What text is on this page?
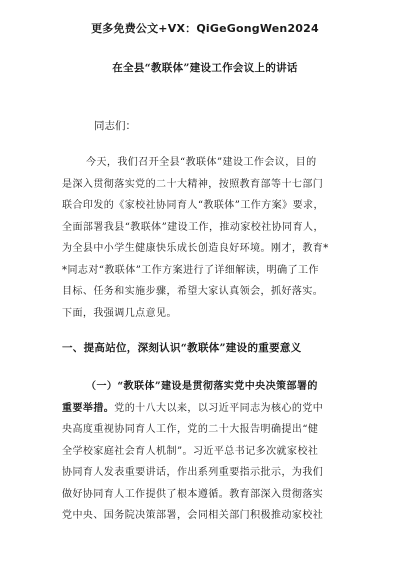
更多免费公文+VX：QiGeGongWen2024
在全县“教联体”建设工作会议上的讲话
同志们：
今天，我们召开全县“教联体”建设工作会议，目的
是深入贯彻落实党的二十大精神，按照教育部等十七部门
联合印发的《家校社协同育人“教联体”工作方案》要求，
全面部署我县“教联体”建设工作，推动家校社协同育人，
为全县中小学生健康快乐成长创造良好环境。刚才，教育*
*同志对“教联体”工作方案进行了详细解读，明确了工作
目标、任务和实施步骤，希望大家认真领会，抓好落实。
下面，我强调几点意见。
一、提高站位，深刻认识“教联体”建设的重要意义
（一）“教联体”建设是贯彻落实党中央决策部署的
重要举措。党的十八大以来，以习近平同志为核心的党中
央高度重视协同育人工作，党的二十大报告明确提出“健
全学校家庭社会育人机制”。习近平总书记多次就家校社
协同育人发表重要讲话，作出系列重要指示批示，为我们
做好协同育人工作提供了根本遵循。教育部深入贯彻落实
党中央、国务院决策部署，会同相关部门积极推动家校社
